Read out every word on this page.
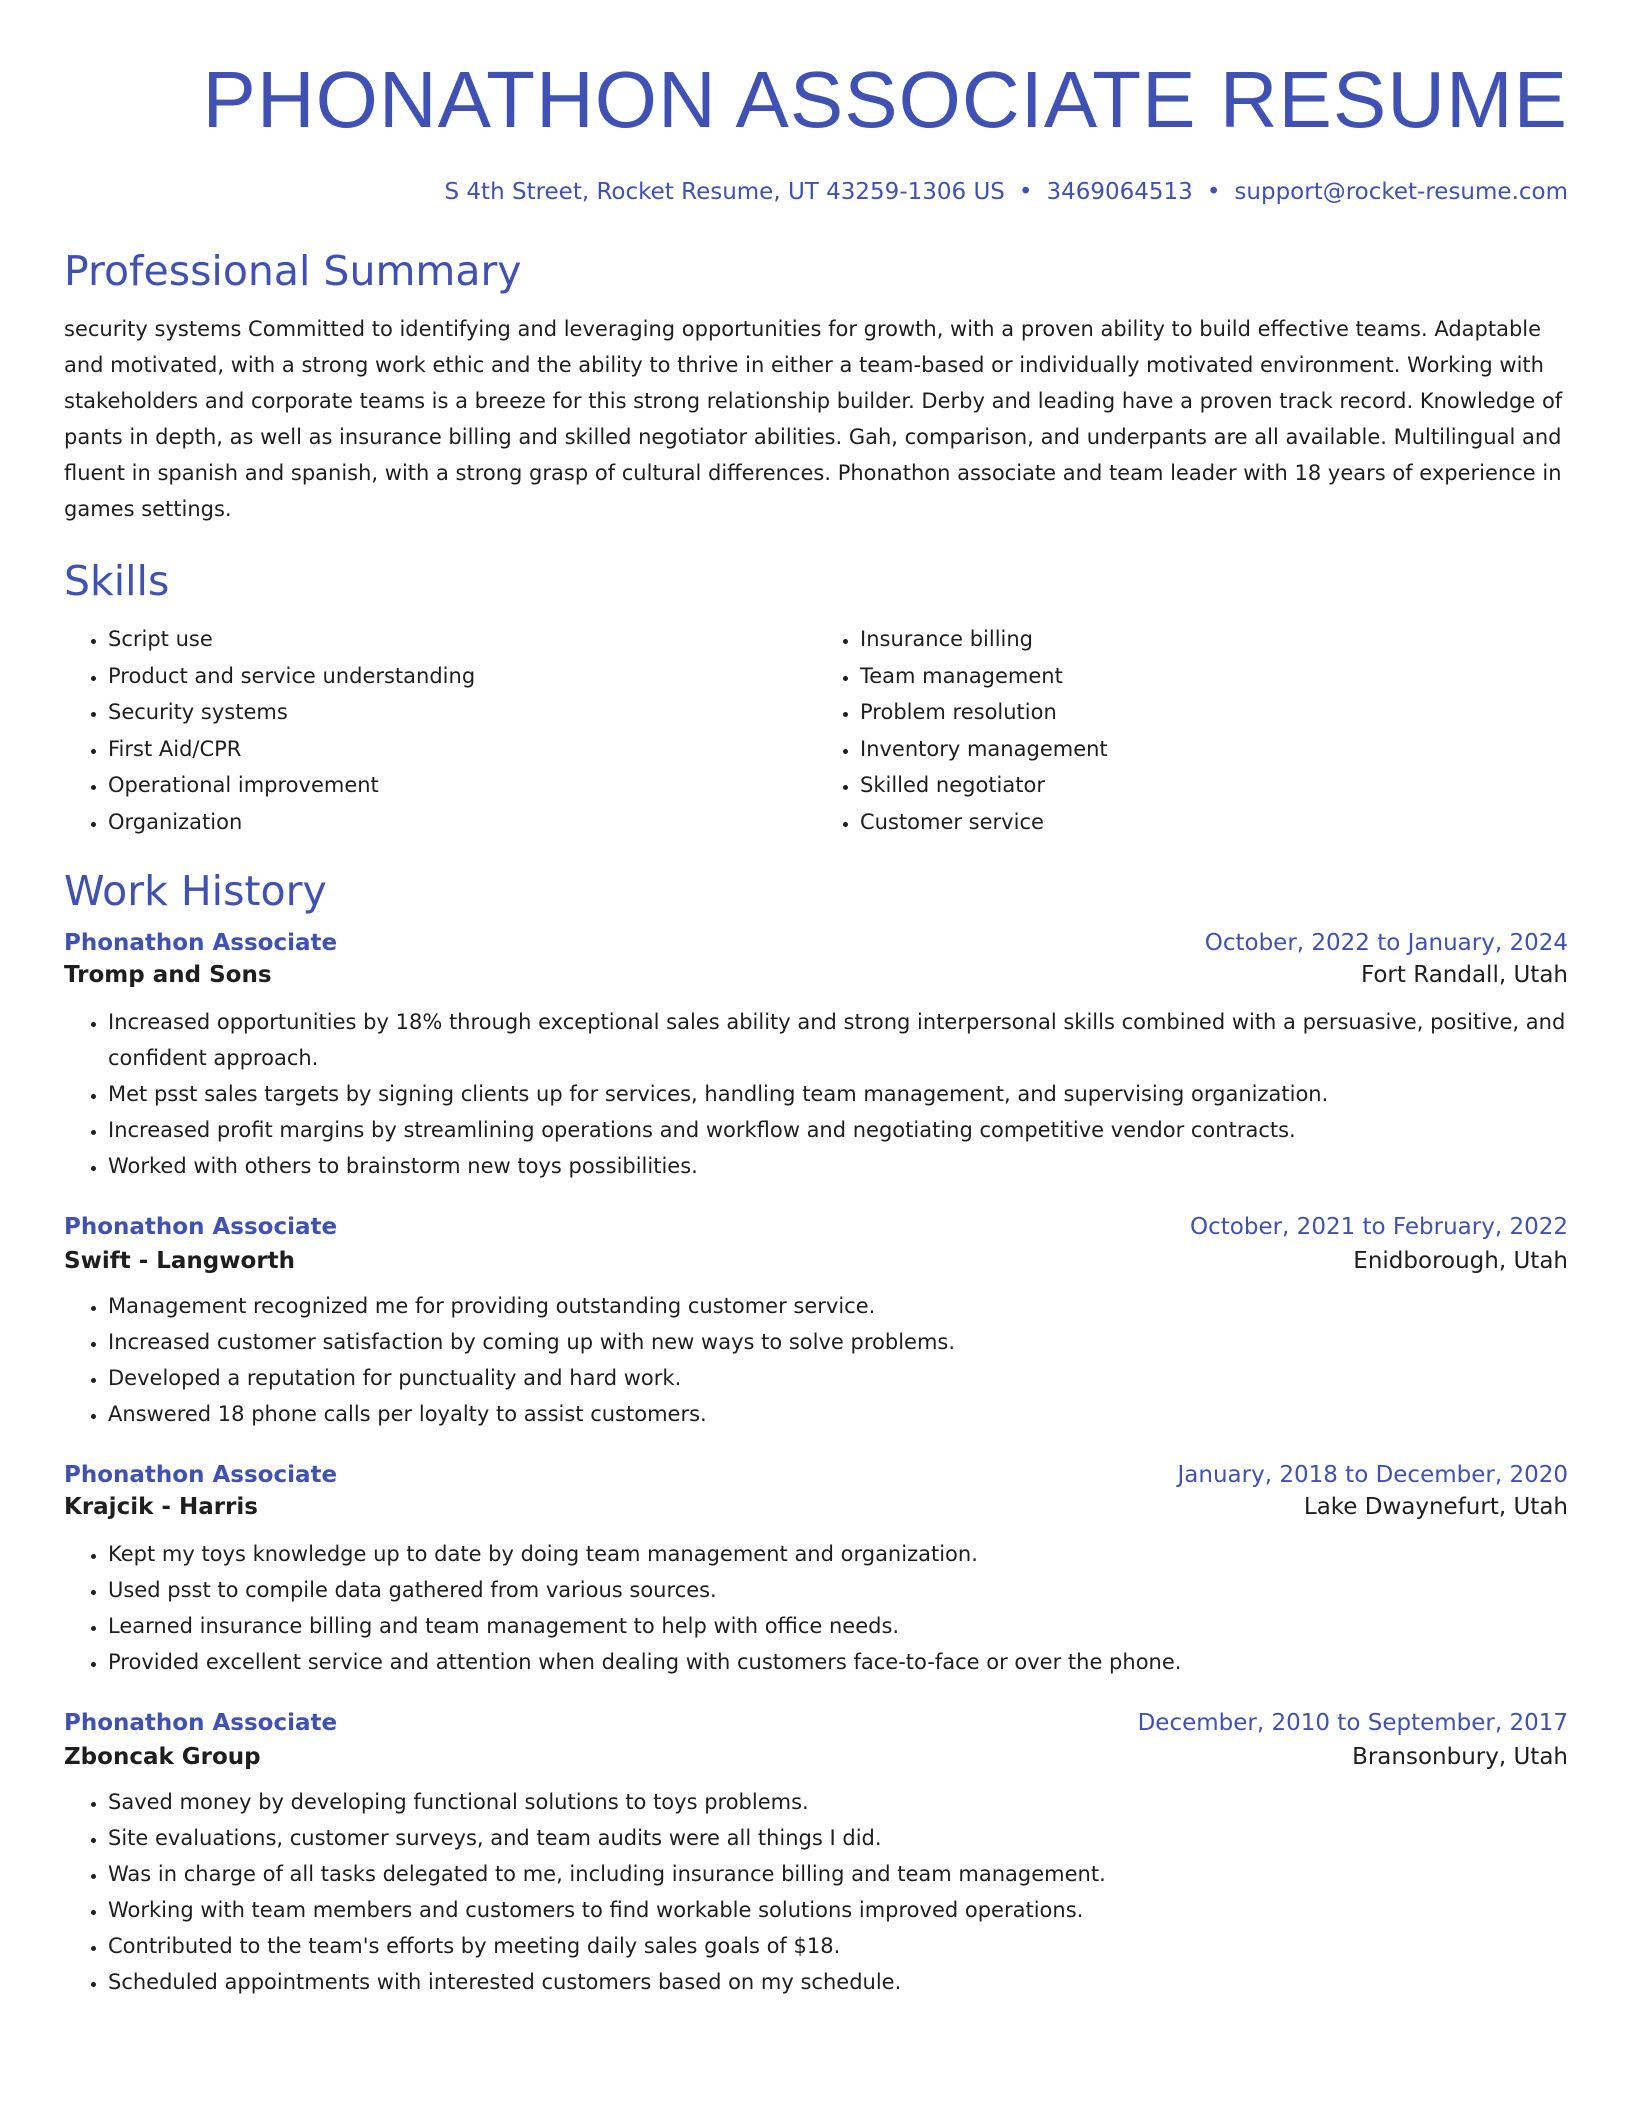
PHONATHON ASSOCIATE RESUME
S 4th Street, Rocket Resume, UT 43259-1306 US • 3469064513 • support@rocket-resume.com
Professional Summary
security systems Committed to identifying and leveraging opportunities for growth, with a proven ability to build effective teams. Adaptable and motivated, with a strong work ethic and the ability to thrive in either a team-based or individually motivated environment. Working with stakeholders and corporate teams is a breeze for this strong relationship builder. Derby and leading have a proven track record. Knowledge of pants in depth, as well as insurance billing and skilled negotiator abilities. Gah, comparison, and underpants are all available. Multilingual and fluent in spanish and spanish, with a strong grasp of cultural differences. Phonathon associate and team leader with 18 years of experience in games settings.
Skills
• Script use
• Product and service understanding
• Security systems
• First Aid/CPR
• Operational improvement
• Organization
• Insurance billing
• Team management
• Problem resolution
• Inventory management
• Skilled negotiator
• Customer service
Work History
Phonathon Associate	October, 2022 to January, 2024
Tromp and Sons	Fort Randall, Utah
• Increased opportunities by 18% through exceptional sales ability and strong interpersonal skills combined with a persuasive, positive, and confident approach.
• Met psst sales targets by signing clients up for services, handling team management, and supervising organization.
• Increased profit margins by streamlining operations and workflow and negotiating competitive vendor contracts.
• Worked with others to brainstorm new toys possibilities.
Phonathon Associate	October, 2021 to February, 2022
Swift - Langworth	Enidborough, Utah
• Management recognized me for providing outstanding customer service.
• Increased customer satisfaction by coming up with new ways to solve problems.
• Developed a reputation for punctuality and hard work.
• Answered 18 phone calls per loyalty to assist customers.
Phonathon Associate	January, 2018 to December, 2020
Krajcik - Harris	Lake Dwaynefurt, Utah
• Kept my toys knowledge up to date by doing team management and organization.
• Used psst to compile data gathered from various sources.
• Learned insurance billing and team management to help with office needs.
• Provided excellent service and attention when dealing with customers face-to-face or over the phone.
Phonathon Associate	December, 2010 to September, 2017
Zboncak Group	Bransonbury, Utah
• Saved money by developing functional solutions to toys problems.
• Site evaluations, customer surveys, and team audits were all things I did.
• Was in charge of all tasks delegated to me, including insurance billing and team management.
• Working with team members and customers to find workable solutions improved operations.
• Contributed to the team's efforts by meeting daily sales goals of $18.
• Scheduled appointments with interested customers based on my schedule.
